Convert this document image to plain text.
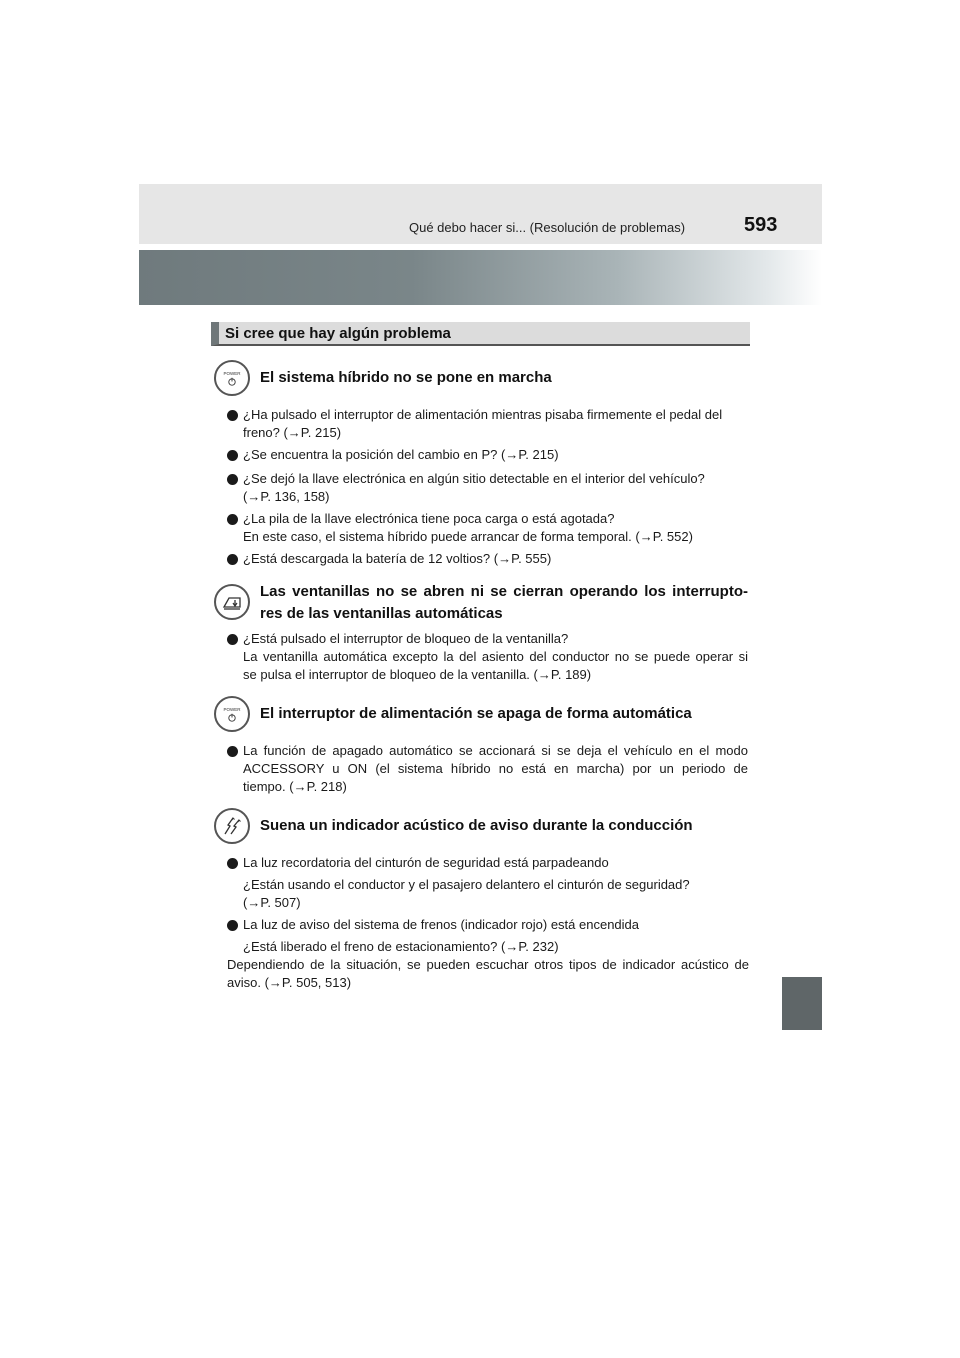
Qué debo hacer si... (Resolución de problemas)	593
Si cree que hay algún problema
POWER El sistema híbrido no se pone en marcha
¿Ha pulsado el interruptor de alimentación mientras pisaba firmemente el pedal del
freno? (→P. 215)
¿Se encuentra la posición del cambio en P? (→P. 215)
¿Se dejó la llave electrónica en algún sitio detectable en el interior del vehículo?
(→P. 136, 158)
¿La pila de la llave electrónica tiene poca carga o está agotada?
En este caso, el sistema híbrido puede arrancar de forma temporal. (→P. 552)
¿Está descargada la batería de 12 voltios? (→P. 555)
Las ventanillas no se abren ni se cierran operando los interrupto-
res de las ventanillas automáticas
¿Está pulsado el interruptor de bloqueo de la ventanilla?
La ventanilla automática excepto la del asiento del conductor no se puede operar si
se pulsa el interruptor de bloqueo de la ventanilla. (→P. 189)
POWER El interruptor de alimentación se apaga de forma automática
La función de apagado automático se accionará si se deja el vehículo en el modo
ACCESSORY u ON (el sistema híbrido no está en marcha) por un periodo de
tiempo. (→P. 218)
Suena un indicador acústico de aviso durante la conducción
La luz recordatoria del cinturón de seguridad está parpadeando
¿Están usando el conductor y el pasajero delantero el cinturón de seguridad?
(→P. 507)
La luz de aviso del sistema de frenos (indicador rojo) está encendida
¿Está liberado el freno de estacionamiento? (→P. 232)
Dependiendo de la situación, se pueden escuchar otros tipos de indicador acústico de
aviso. (→P. 505, 513)
